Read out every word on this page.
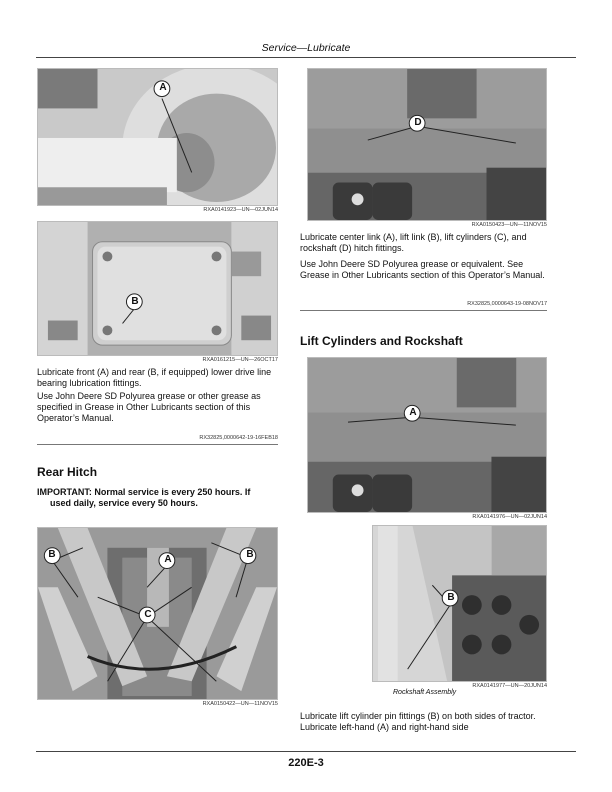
Service—Lubricate
A
RXA0141923—UN—02JUN14
B
RXA0161215—UN—26OCT17
Lubricate front (A) and rear (B, if equipped) lower drive line bearing lubrication fittings.
Use John Deere SD Polyurea grease or other grease as specified in Grease in Other Lubricants section of this Operator’s Manual.
RX32825,0000642-19-16FEB18
Rear Hitch
IMPORTANT: Normal service is every 250 hours. If
used daily, service every 50 hours.
B	A	B
C
RXA0150422—UN—11NOV15
D
RXA0150423—UN—11NOV15
Lubricate center link (A), lift link (B), lift cylinders (C), and rockshaft (D) hitch fittings.
Use John Deere SD Polyurea grease or equivalent. See Grease in Other Lubricants section of this Operator’s Manual.
RX32825,0000643-19-08NOV17
Lift Cylinders and Rockshaft
A
RXA0141976—UN—02JUN14
B
RXA0141977—UN—20JUN14
Rockshaft Assembly
Lubricate lift cylinder pin fittings (B) on both sides of tractor. Lubricate left-hand (A) and right-hand side
220E-3
